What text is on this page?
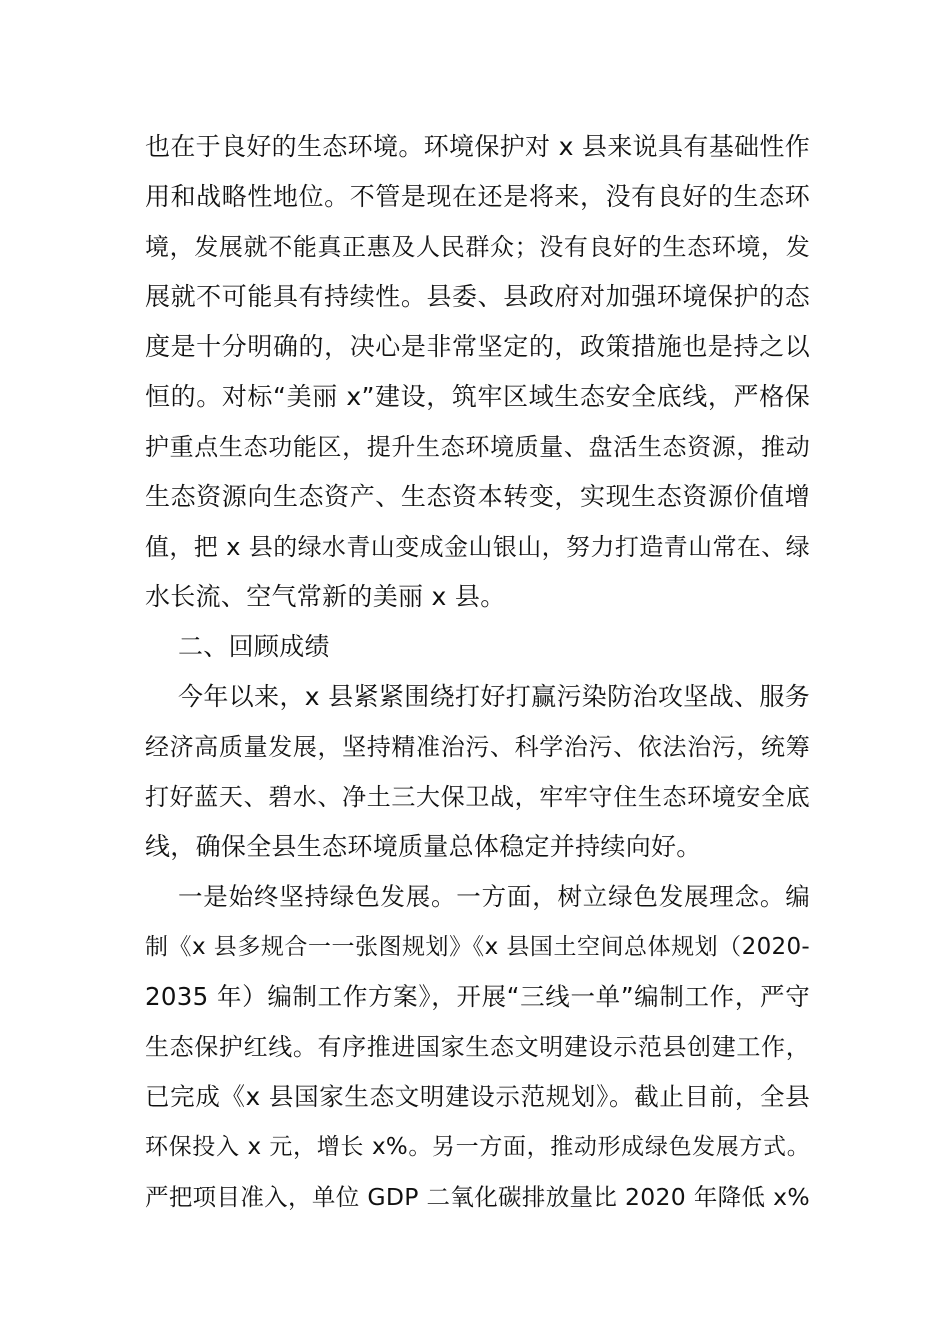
也在于良好的生态环境。环境保护对 x 县来说具有基础性作
用和战略性地位。不管是现在还是将来，没有良好的生态环
境，发展就不能真正惠及人民群众；没有良好的生态环境，发
展就不可能具有持续性。县委、县政府对加强环境保护的态
度是十分明确的，决心是非常坚定的，政策措施也是持之以
恒的。对标“美丽 x”建设，筑牢区域生态安全底线，严格保
护重点生态功能区，提升生态环境质量、盘活生态资源，推动
生态资源向生态资产、生态资本转变，实现生态资源价值增
值，把 x 县的绿水青山变成金山银山，努力打造青山常在、绿
水长流、空气常新的美丽 x 县。
二、回顾成绩
今年以来，x 县紧紧围绕打好打赢污染防治攻坚战、服务
经济高质量发展，坚持精准治污、科学治污、依法治污，统筹
打好蓝天、碧水、净土三大保卫战，牢牢守住生态环境安全底
线，确保全县生态环境质量总体稳定并持续向好。
一是始终坚持绿色发展。一方面，树立绿色发展理念。编
制《x 县多规合一一张图规划》《x 县国土空间总体规划（2020-
2035 年）编制工作方案》，开展“三线一单”编制工作，严守
生态保护红线。有序推进国家生态文明建设示范县创建工作，
已完成《x 县国家生态文明建设示范规划》。截止目前，全县
环保投入 x 元，增长 x%。另一方面，推动形成绿色发展方式。
严把项目准入，单位 GDP 二氧化碳排放量比 2020 年降低 x%
